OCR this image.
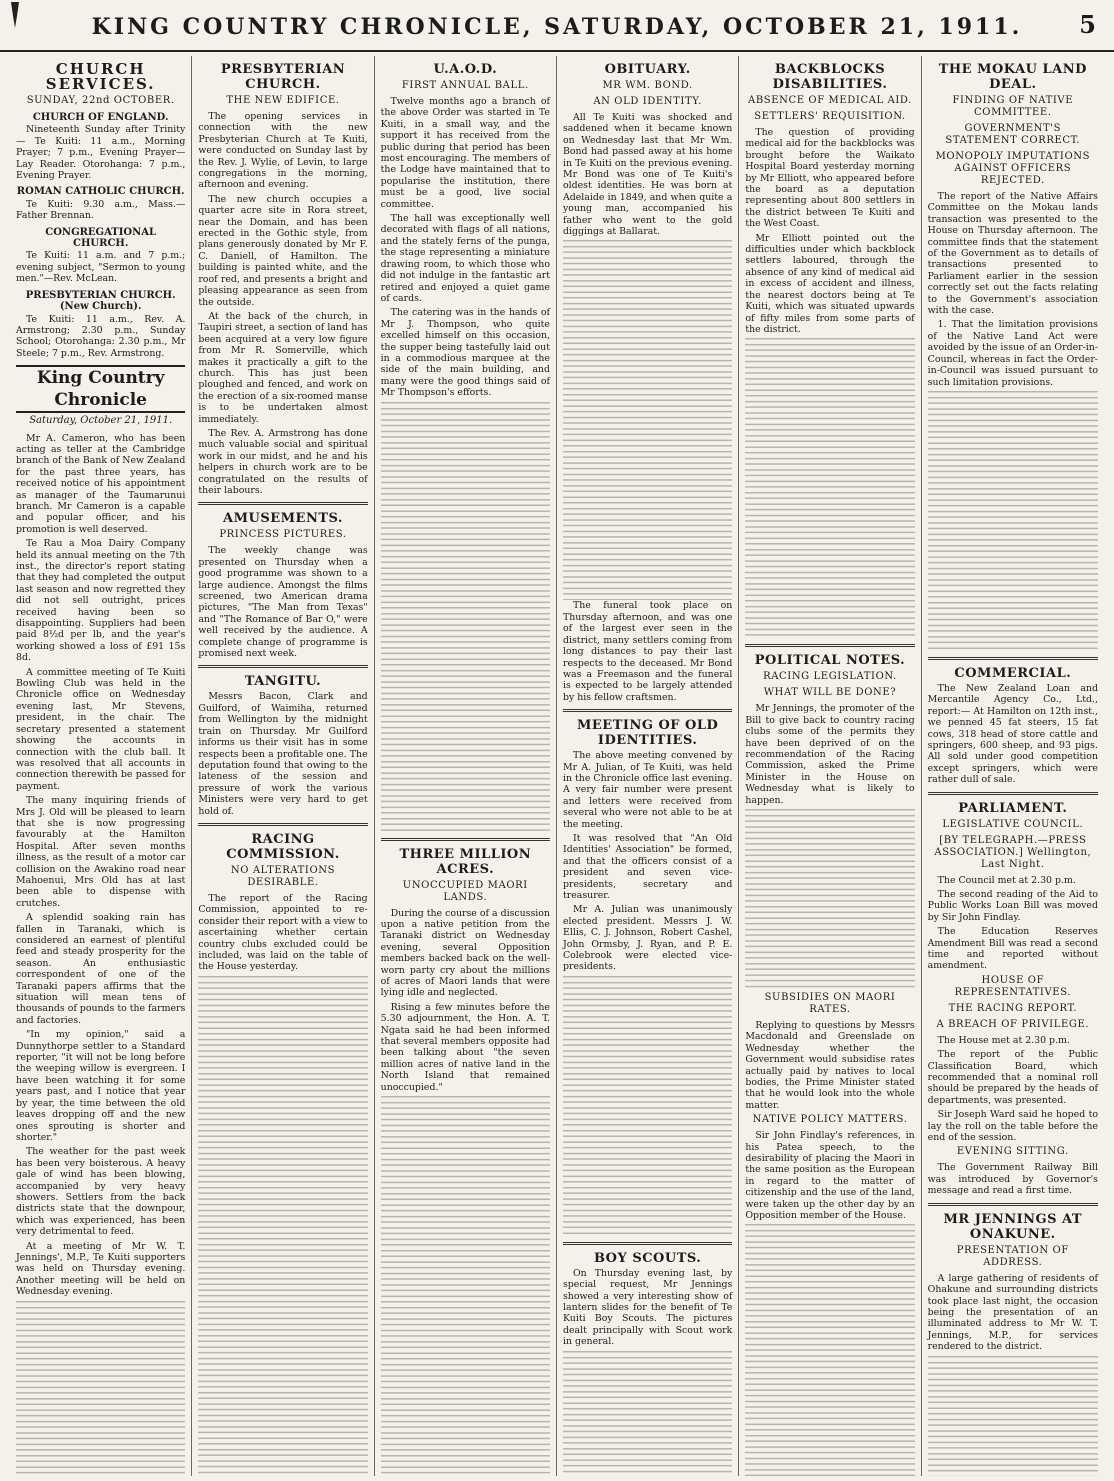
KING COUNTRY CHRONICLE, SATURDAY, OCTOBER 21, 1911.	5
CHURCH SERVICES.
SUNDAY, 22nd OCTOBER.
CHURCH OF ENGLAND.

Nineteenth Sunday after Trinity — Te Kuiti: 11 a.m., Morning Prayer; 7 p.m., Evening Prayer—Lay Reader. Otorohanga: 7 p.m., Evening Prayer.

ROMAN CATHOLIC CHURCH.

Te Kuiti: 9.30 a.m., Mass.—Father Brennan.

CONGREGATIONAL CHURCH.

Te Kuiti: 11 a.m. and 7 p.m.; evening subject, "Sermon to young men."—Rev. McLean.

PRESBYTERIAN CHURCH. (New Church).

Te Kuiti: 11 a.m., Rev. A. Armstrong; 2.30 p.m., Sunday School; Otorohanga: 2.30 p.m., Mr Steele; 7 p.m., Rev. Armstrong.

King Country Chronicle
Saturday, October 21, 1911.

Mr A. Cameron, who has been acting as teller at the Cambridge branch of the Bank of New Zealand for the past three years, has received notice of his appointment as manager of the Taumarunui branch. Mr Cameron is a capable and popular officer, and his promotion is well deserved.

Te Rau a Moa Dairy Company held its annual meeting on the 7th inst., the director's report stating that they had completed the output last season and now regretted they did not sell outright, prices received having been so disappointing. Suppliers had been paid 8½d per lb, and the year's working showed a loss of £91 15s 8d.

A committee meeting of Te Kuiti Bowling Club was held in the Chronicle office on Wednesday evening last, Mr Stevens, president, in the chair. The secretary presented a statement showing the accounts in connection with the club ball. It was resolved that all accounts in connection therewith be passed for payment.

The many inquiring friends of Mrs J. Old will be pleased to learn that she is now progressing favourably at the Hamilton Hospital. After seven months illness, as the result of a motor car collision on the Awakino road near Mahoenui, Mrs Old has at last been able to dispense with crutches.

A splendid soaking rain has fallen in Taranaki, which is considered an earnest of plentiful feed and steady prosperity for the season. An enthusiastic correspondent of one of the Taranaki papers affirms that the situation will mean tens of thousands of pounds to the farmers and factories.

"In my opinion," said a Dunnythorpe settler to a Standard reporter, "it will not be long before the weeping willow is evergreen. I have been watching it for some years past, and I notice that year by year, the time between the old leaves dropping off and the new ones sprouting is shorter and shorter."

The weather for the past week has been very boisterous. A heavy gale of wind has been blowing, accompanied by very heavy showers. Settlers from the back districts state that the downpour, which was experienced, has been very detrimental to feed.

At a meeting of Mr W. T. Jennings', M.P., Te Kuiti supporters was held on Thursday evening. Another meeting will be held on Wednesday evening.

PRESBYTERIAN CHURCH.
THE NEW EDIFICE.

The opening services in connection with the new Presbyterian Church at Te Kuiti, were conducted on Sunday last by the Rev. J. Wylie, of Levin, to large congregations in the morning, afternoon and evening.

The new church occupies a quarter acre site in Rora street, near the Domain, and has been erected in the Gothic style, from plans generously donated by Mr F. C. Daniell, of Hamilton. The building is painted white, and the roof red, and presents a bright and pleasing appearance as seen from the outside.

At the back of the church, in Taupiri street, a section of land has been acquired at a very low figure from Mr R. Somerville, which makes it practically a gift to the church. This has just been ploughed and fenced, and work on the erection of a six-roomed manse is to be undertaken almost immediately.

The Rev. A. Armstrong has done much valuable social and spiritual work in our midst, and he and his helpers in church work are to be congratulated on the results of their labours.

AMUSEMENTS.
PRINCESS PICTURES.

The weekly change was presented on Thursday when a good programme was shown to a large audience. Amongst the films screened, two American drama pictures, "The Man from Texas" and "The Romance of Bar O," were well received by the audience. A complete change of programme is promised next week.

TANGITU.

Messrs Bacon, Clark and Guilford, of Waimiha, returned from Wellington by the midnight train on Thursday. Mr Guilford informs us their visit has in some respects been a profitable one. The deputation found that owing to the lateness of the session and pressure of work the various Ministers were very hard to get hold of.

RACING COMMISSION.
NO ALTERATIONS DESIRABLE.

The report of the Racing Commission, appointed to re-consider their report with a view to ascertaining whether certain country clubs excluded could be included, was laid on the table of the House yesterday.

U.A.O.D.
FIRST ANNUAL BALL.

Twelve months ago a branch of the above Order was started in Te Kuiti, in a small way, and the support it has received from the public during that period has been most encouraging. The members of the Lodge have maintained that to popularise the institution, there must be a good, live social committee.

The hall was exceptionally well decorated with flags of all nations, and the stately ferns of the punga, the stage representing a miniature drawing room, to which those who did not indulge in the fantastic art retired and enjoyed a quiet game of cards.

The catering was in the hands of Mr J. Thompson, who quite excelled himself on this occasion, the supper being tastefully laid out in a commodious marquee at the side of the main building, and many were the good things said of Mr Thompson's efforts.

THREE MILLION ACRES.
UNOCCUPIED MAORI LANDS.

During the course of a discussion upon a native petition from the Taranaki district on Wednesday evening, several Opposition members backed back on the well-worn party cry about the millions of acres of Maori lands that were lying idle and neglected.

Rising a few minutes before the 5.30 adjournment, the Hon. A. T. Ngata said he had been informed that several members opposite had been talking about "the seven million acres of native land in the North Island that remained unoccupied."

OBITUARY.
MR WM. BOND.
AN OLD IDENTITY.

All Te Kuiti was shocked and saddened when it became known on Wednesday last that Mr Wm. Bond had passed away at his home in Te Kuiti on the previous evening. Mr Bond was one of Te Kuiti's oldest identities. He was born at Adelaide in 1849, and when quite a young man, accompanied his father who went to the gold diggings at Ballarat.

The funeral took place on Thursday afternoon, and was one of the largest ever seen in the district, many settlers coming from long distances to pay their last respects to the deceased. Mr Bond was a Freemason and the funeral is expected to be largely attended by his fellow craftsmen.

MEETING OF OLD IDENTITIES.

The above meeting convened by Mr A. Julian, of Te Kuiti, was held in the Chronicle office last evening. A very fair number were present and letters were received from several who were not able to be at the meeting.

It was resolved that "An Old Identities' Association" be formed, and that the officers consist of a president and seven vice-presidents, secretary and treasurer.

Mr A. Julian was unanimously elected president. Messrs J. W. Ellis, C. J. Johnson, Robert Cashel, John Ormsby, J. Ryan, and P. E. Colebrook were elected vice-presidents.

BOY SCOUTS.

On Thursday evening last, by special request, Mr Jennings showed a very interesting show of lantern slides for the benefit of Te Kuiti Boy Scouts. The pictures dealt principally with Scout work in general.

BACKBLOCKS DISABILITIES.
ABSENCE OF MEDICAL AID.
SETTLERS' REQUISITION.

The question of providing medical aid for the backblocks was brought before the Waikato Hospital Board yesterday morning by Mr Elliott, who appeared before the board as a deputation representing about 800 settlers in the district between Te Kuiti and the West Coast.

Mr Elliott pointed out the difficulties under which backblock settlers laboured, through the absence of any kind of medical aid in excess of accident and illness, the nearest doctors being at Te Kuiti, which was situated upwards of fifty miles from some parts of the district.

POLITICAL NOTES.
RACING LEGISLATION.
WHAT WILL BE DONE?

Mr Jennings, the promoter of the Bill to give back to country racing clubs some of the permits they have been deprived of on the recommendation of the Racing Commission, asked the Prime Minister in the House on Wednesday what is likely to happen.

SUBSIDIES ON MAORI RATES.

Replying to questions by Messrs Macdonald and Greenslade on Wednesday whether the Government would subsidise rates actually paid by natives to local bodies, the Prime Minister stated that he would look into the whole matter.

NATIVE POLICY MATTERS.

Sir John Findlay's references, in his Patea speech, to the desirability of placing the Maori in the same position as the European in regard to the matter of citizenship and the use of the land, were taken up the other day by an Opposition member of the House.

THE MOKAU LAND DEAL.
FINDING OF NATIVE COMMITTEE.
GOVERNMENT'S STATEMENT CORRECT.
MONOPOLY IMPUTATIONS AGAINST OFFICERS REJECTED.

The report of the Native Affairs Committee on the Mokau lands transaction was presented to the House on Thursday afternoon. The committee finds that the statement of the Government as to details of transactions presented to Parliament earlier in the session correctly set out the facts relating to the Government's association with the case.

1. That the limitation provisions of the Native Land Act were avoided by the issue of an Order-in-Council, whereas in fact the Order-in-Council was issued pursuant to such limitation provisions.

COMMERCIAL.

The New Zealand Loan and Mercantile Agency Co., Ltd., report:— At Hamilton on 12th inst., we penned 45 fat steers, 15 fat cows, 318 head of store cattle and springers, 600 sheep, and 93 pigs. All sold under good competition except springers, which were rather dull of sale.

PARLIAMENT.
LEGISLATIVE COUNCIL.
[BY TELEGRAPH.—PRESS ASSOCIATION.] Wellington, Last Night.

The Council met at 2.30 p.m.

The second reading of the Aid to Public Works Loan Bill was moved by Sir John Findlay.

The Education Reserves Amendment Bill was read a second time and reported without amendment.

HOUSE OF REPRESENTATIVES.
THE RACING REPORT.
A BREACH OF PRIVILEGE.

The House met at 2.30 p.m.

The report of the Public Classification Board, which recommended that a nominal roll should be prepared by the heads of departments, was presented.

Sir Joseph Ward said he hoped to lay the roll on the table before the end of the session.

EVENING SITTING.

The Government Railway Bill was introduced by Governor's message and read a first time.

MR JENNINGS AT ONAKUNE.
PRESENTATION OF ADDRESS.

A large gathering of residents of Ohakune and surrounding districts took place last night, the occasion being the presentation of an illuminated address to Mr W. T. Jennings, M.P., for services rendered to the district.
